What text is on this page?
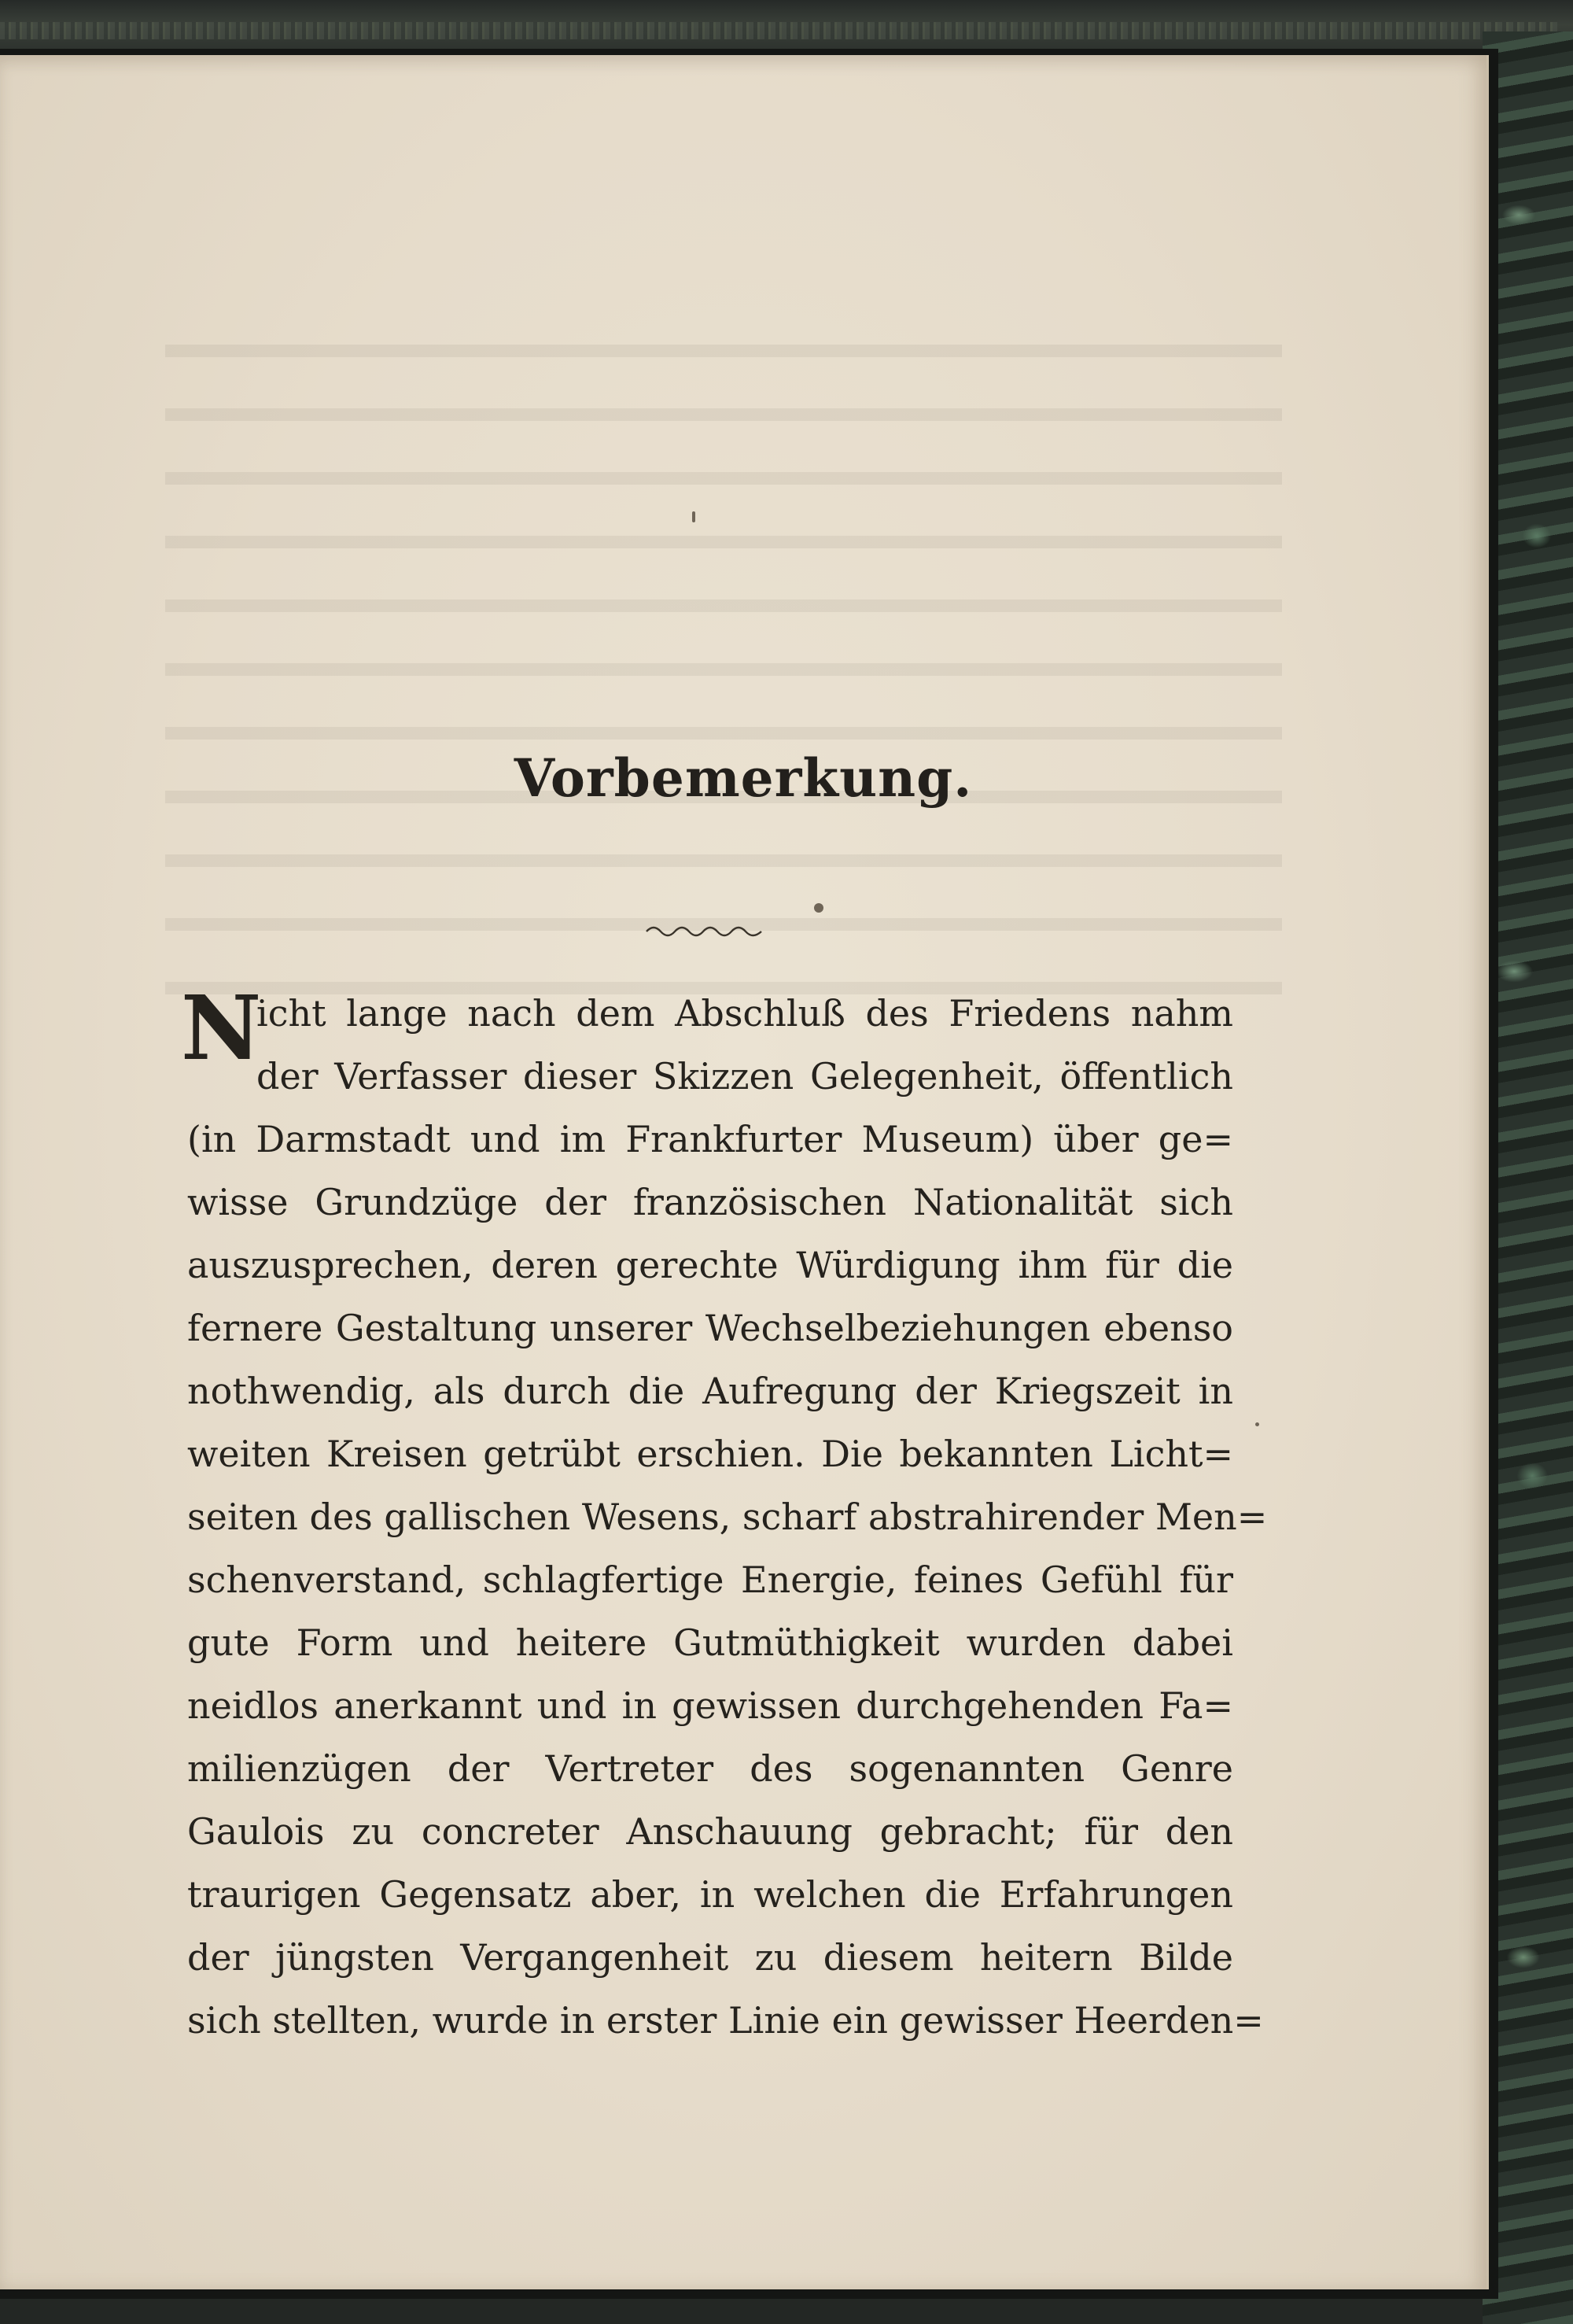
Vorbemerkung.
N
icht lange nach dem Abschluß des Friedens nahm
der Verfasser dieser Skizzen Gelegenheit, öffentlich
(in Darmstadt und im Frankfurter Museum) über ge=
wisse Grundzüge der französischen Nationalität sich
auszusprechen, deren gerechte Würdigung ihm für die
fernere Gestaltung unserer Wechselbeziehungen ebenso
nothwendig, als durch die Aufregung der Kriegszeit in
weiten Kreisen getrübt erschien. Die bekannten Licht=
seiten des gallischen Wesens, scharf abstrahirender Men=
schenverstand, schlagfertige Energie, feines Gefühl für
gute Form und heitere Gutmüthigkeit wurden dabei
neidlos anerkannt und in gewissen durchgehenden Fa=
milienzügen der Vertreter des sogenannten Genre
Gaulois zu concreter Anschauung gebracht; für den
traurigen Gegensatz aber, in welchen die Erfahrungen
der jüngsten Vergangenheit zu diesem heitern Bilde
sich stellten, wurde in erster Linie ein gewisser Heerden=
